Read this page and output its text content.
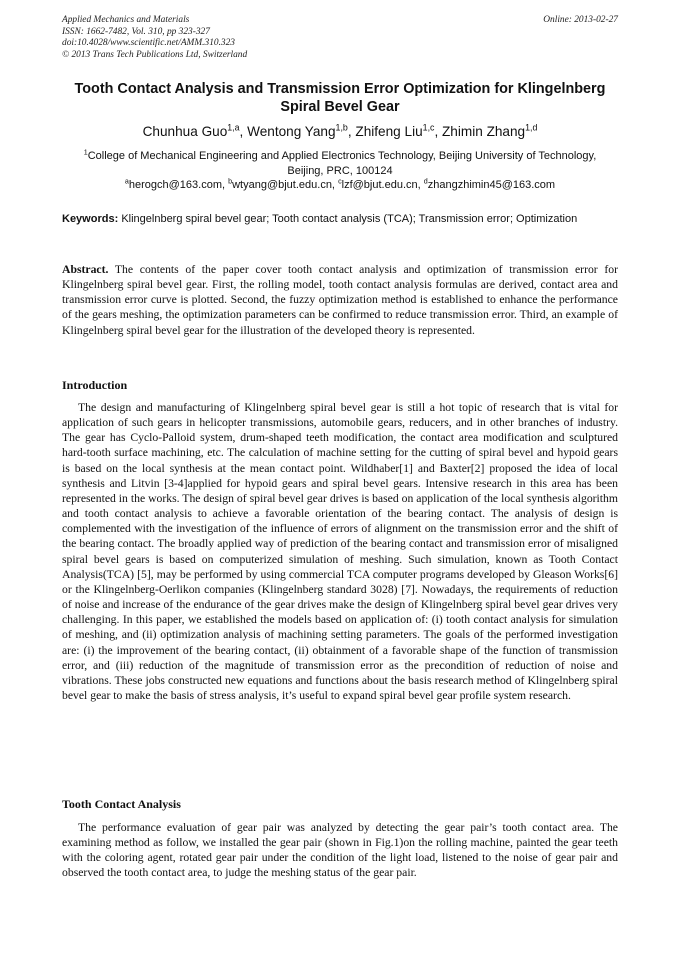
Applied Mechanics and Materials
ISSN: 1662-7482, Vol. 310, pp 323-327
doi:10.4028/www.scientific.net/AMM.310.323
© 2013 Trans Tech Publications Ltd, Switzerland
Online: 2013-02-27
Tooth Contact Analysis and Transmission Error Optimization for Klingelnberg Spiral Bevel Gear
Chunhua Guo$^{1,a}$, Wentong Yang$^{1,b}$, Zhifeng Liu$^{1,c}$, Zhimin Zhang$^{1,d}$
$^1$College of Mechanical Engineering and Applied Electronics Technology, Beijing University of Technology, Beijing, PRC, 100124
$^a$herogch@163.com, $^b$wtyang@bjut.edu.cn, $^c$lzf@bjut.edu.cn, $^d$zhangzhimin45@163.com
Keywords: Klingelnberg spiral bevel gear; Tooth contact analysis (TCA); Transmission error; Optimization
Abstract. The contents of the paper cover tooth contact analysis and optimization of transmission error for Klingelnberg spiral bevel gear. First, the rolling model, tooth contact analysis formulas are derived, contact area and transmission error curve is plotted. Second, the fuzzy optimization method is established to enhance the performance of the gears meshing, the optimization parameters can be confirmed to reduce transmission error. Third, an example of Klingelnberg spiral bevel gear for the illustration of the developed theory is represented.
Introduction
The design and manufacturing of Klingelnberg spiral bevel gear is still a hot topic of research that is vital for application of such gears in helicopter transmissions, automobile gears, reducers, and in other branches of industry. The gear has Cyclo-Palloid system, drum-shaped teeth modification, the contact area modification and sculptured hard-tooth surface machining, etc. The calculation of machine setting for the cutting of spiral bevel and hypoid gears is based on the local synthesis at the mean contact point. Wildhaber[1] and Baxter[2] proposed the idea of local synthesis and Litvin [3-4]applied for hypoid gears and spiral bevel gears. Intensive research in this area has been represented in the works. The design of spiral bevel gear drives is based on application of the local synthesis algorithm and tooth contact analysis to achieve a favorable orientation of the bearing contact. The analysis of design is complemented with the investigation of the influence of errors of alignment on the transmission error and the shift of the bearing contact. The broadly applied way of prediction of the bearing contact and transmission error of misaligned spiral bevel gears is based on computerized simulation of meshing. Such simulation, known as Tooth Contact Analysis(TCA) [5], may be performed by using commercial TCA computer programs developed by Gleason Works[6] or the Klingelnberg-Oerlikon companies (Klingelnberg standard 3028) [7]. Nowadays, the requirements of reduction of noise and increase of the endurance of the gear drives make the design of Klingelnberg spiral bevel gear drives very challenging. In this paper, we established the models based on application of: (i) tooth contact analysis for simulation of meshing, and (ii) optimization analysis of machining setting parameters. The goals of the performed investigation are: (i) the improvement of the bearing contact, (ii) obtainment of a favorable shape of the function of transmission error, and (iii) reduction of the magnitude of transmission error as the precondition of reduction of noise and vibrations. These jobs constructed new equations and functions about the basis research method of Klingelnberg spiral bevel gear to make the basis of stress analysis, it’s useful to expand spiral bevel gear profile system research.
Tooth Contact Analysis
The performance evaluation of gear pair was analyzed by detecting the gear pair’s tooth contact area. The examining method as follow, we installed the gear pair (shown in Fig.1)on the rolling machine, painted the gear teeth with the coloring agent, rotated gear pair under the condition of the light load, listened to the noise of gear pair and observed the tooth contact area, to judge the meshing status of the gear pair.
